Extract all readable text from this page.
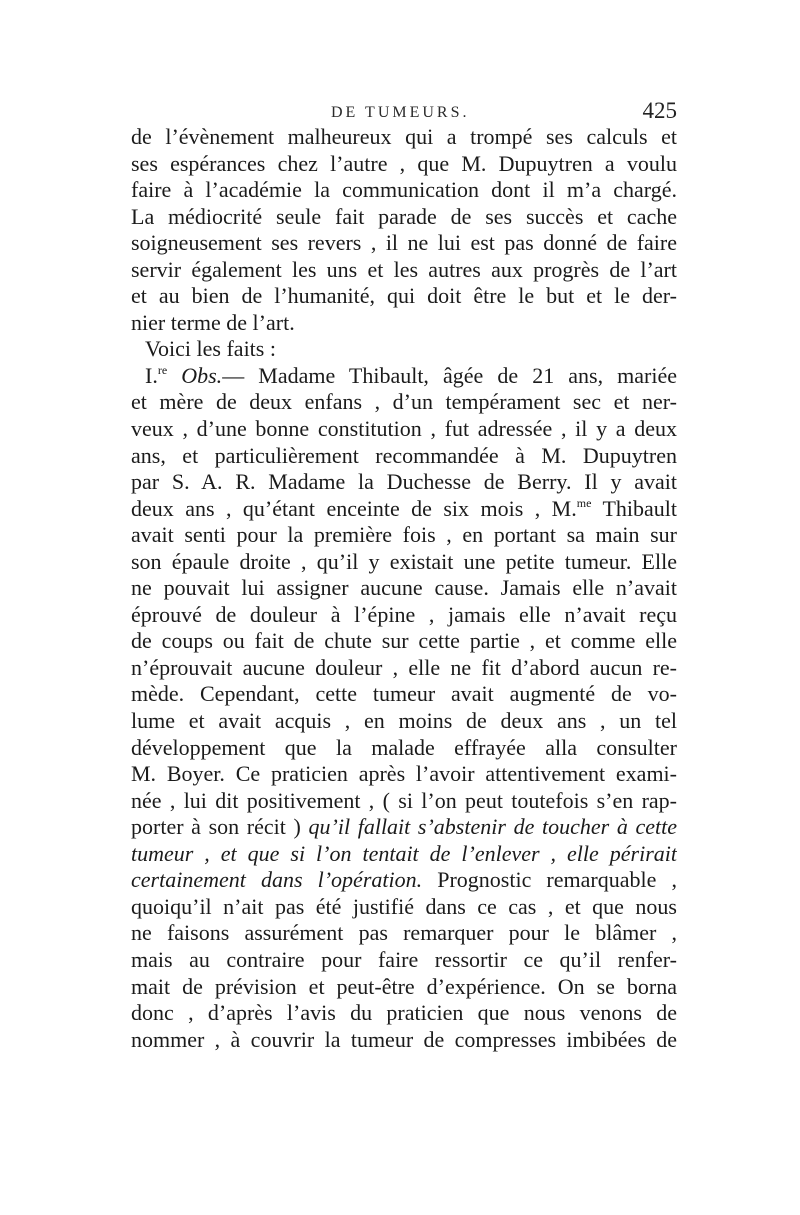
DE TUMEURS.	425
de l’évènement malheureux qui a trompé ses calculs et
ses espérances chez l’autre , que M. Dupuytren a voulu
faire à l’académie la communication dont il m’a chargé.
La médiocrité seule fait parade de ses succès et cache
soigneusement ses revers , il ne lui est pas donné de faire
servir également les uns et les autres aux progrès de l’art
et au bien de l’humanité, qui doit être le but et le der-
nier terme de l’art.
Voici les faits :
I.$^{re}$ Obs.— Madame Thibault, âgée de 21 ans, mariée
et mère de deux enfans , d’un tempérament sec et ner-
veux , d’une bonne constitution , fut adressée , il y a deux
ans, et particulièrement recommandée à M. Dupuytren
par S. A. R. Madame la Duchesse de Berry. Il y avait
deux ans , qu’étant enceinte de six mois , M.$^{me}$ Thibault
avait senti pour la première fois , en portant sa main sur
son épaule droite , qu’il y existait une petite tumeur. Elle
ne pouvait lui assigner aucune cause. Jamais elle n’avait
éprouvé de douleur à l’épine , jamais elle n’avait reçu
de coups ou fait de chute sur cette partie , et comme elle
n’éprouvait aucune douleur , elle ne fit d’abord aucun re-
mède. Cependant, cette tumeur avait augmenté de vo-
lume et avait acquis , en moins de deux ans , un tel
développement que la malade effrayée alla consulter
M. Boyer. Ce praticien après l’avoir attentivement exami-
née , lui dit positivement , ( si l’on peut toutefois s’en rap-
porter à son récit ) qu’il fallait s’abstenir de toucher à cette
tumeur , et que si l’on tentait de l’enlever , elle périrait
certainement dans l’opération. Prognostic remarquable ,
quoiqu’il n’ait pas été justifié dans ce cas , et que nous
ne faisons assurément pas remarquer pour le blâmer ,
mais au contraire pour faire ressortir ce qu’il renfer-
mait de prévision et peut-être d’expérience. On se borna
donc , d’après l’avis du praticien que nous venons de
nommer , à couvrir la tumeur de compresses imbibées de
